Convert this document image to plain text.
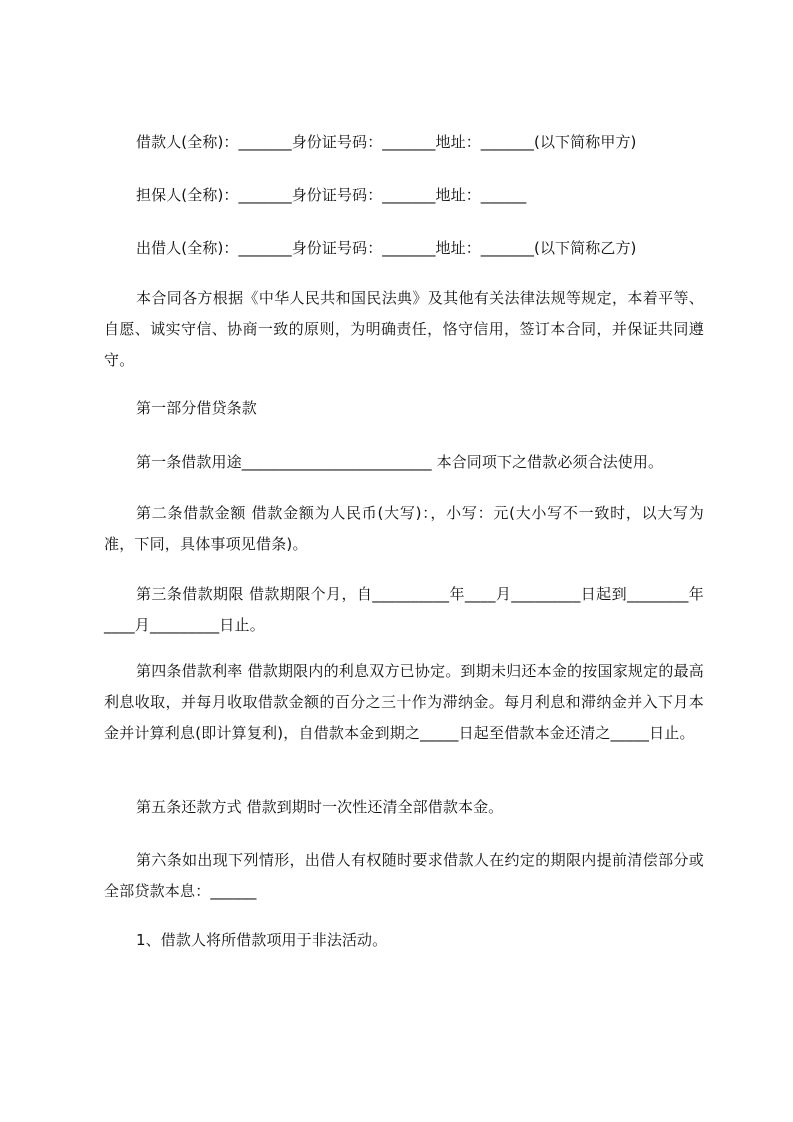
借款人(全称)：_______身份证号码：_______地址：_______(以下简称甲方)
担保人(全称)：_______身份证号码：_______地址：______
出借人(全称)：_______身份证号码：_______地址：_______(以下简称乙方)
本合同各方根据《中华人民共和国民法典》及其他有关法律法规等规定，本着平等、自愿、诚实守信、协商一致的原则，为明确责任，恪守信用，签订本合同，并保证共同遵守。
第一部分借贷条款
第一条借款用途_________________________ 本合同项下之借款必须合法使用。
第二条借款金额 借款金额为人民币(大写)：，小写：元(大小写不一致时，以大写为准，下同，具体事项见借条)。
第三条借款期限 借款期限个月，自__________年____月_________日起到________年____月_________日止。
第四条借款利率 借款期限内的利息双方已协定。到期未归还本金的按国家规定的最高利息收取，并每月收取借款金额的百分之三十作为滞纳金。每月利息和滞纳金并入下月本金并计算利息(即计算复利)，自借款本金到期之_____日起至借款本金还清之_____日止。
第五条还款方式 借款到期时一次性还清全部借款本金。
第六条如出现下列情形，出借人有权随时要求借款人在约定的期限内提前清偿部分或全部贷款本息：______
1、借款人将所借款项用于非法活动。
